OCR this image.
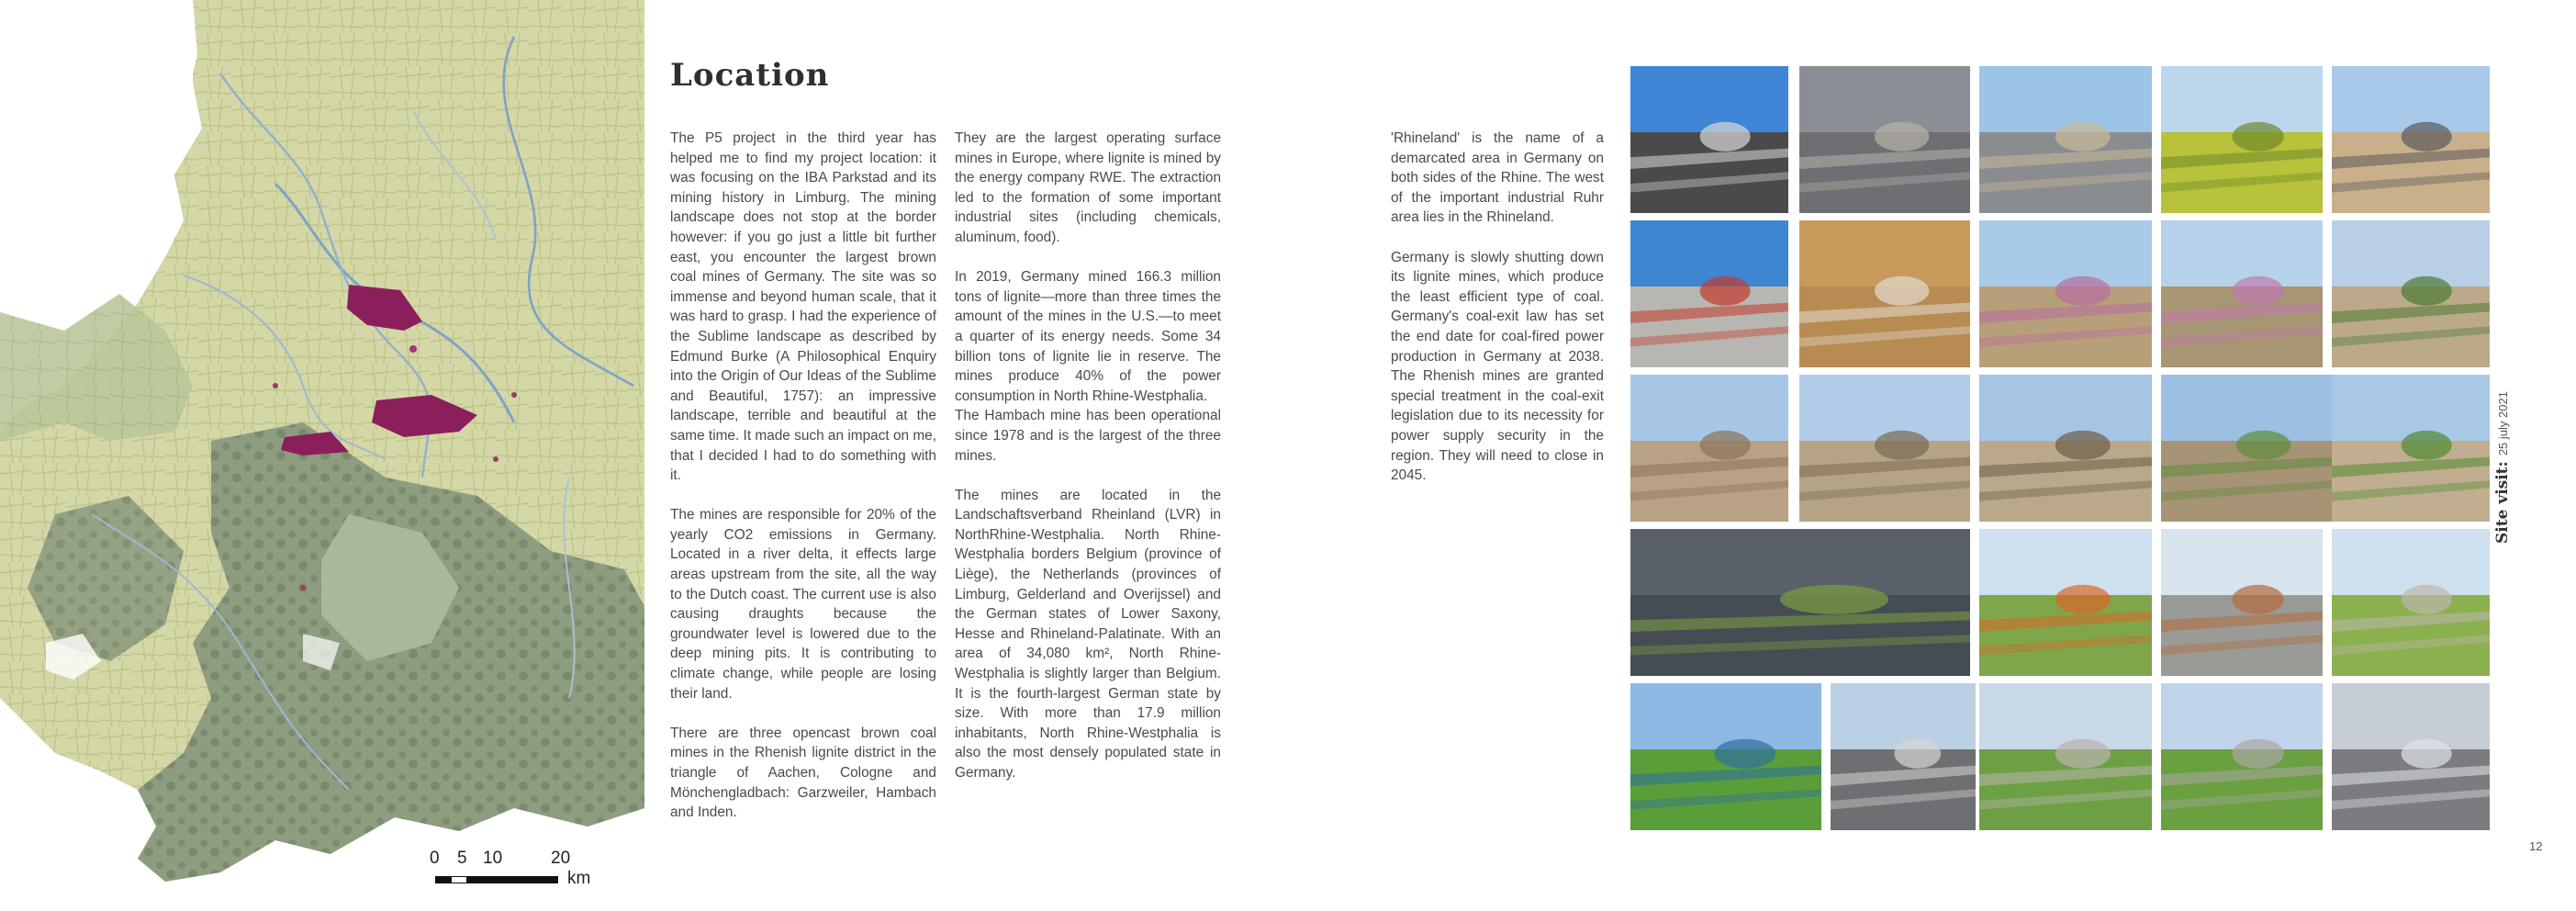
0 5 10	20
km
Location

The P5 project in the third year has helped me to find my project location: it was focusing on the IBA Parkstad and its mining history in Limburg. The mining landscape does not stop at the border however: if you go just a little bit further east, you encounter the largest brown coal mines of Germany. The site was so immense and beyond human scale, that it was hard to grasp. I had the experience of the Sublime landscape as described by Edmund Burke (A Philosophical Enquiry into the Origin of Our Ideas of the Sublime and Beautiful, 1757): an impressive landscape, terrible and beautiful at the same time. It made such an impact on me, that I decided I had to do something with it.

The mines are responsible for 20% of the yearly CO2 emissions in Germany. Located in a river delta, it effects large areas upstream from the site, all the way to the Dutch coast. The current use is also causing draughts because the groundwater level is lowered due to the deep mining pits. It is contributing to climate change, while people are losing their land.

There are three opencast brown coal mines in the Rhenish lignite district in the triangle of Aachen, Cologne and Mönchengladbach: Garzweiler, Hambach and Inden.

They are the largest operating surface mines in Europe, where lignite is mined by the energy company RWE. The extraction led to the formation of some important industrial sites (including chemicals, aluminum, food).

In 2019, Germany mined 166.3 million tons of lignite—more than three times the amount of the mines in the U.S.—to meet a quarter of its energy needs. Some 34 billion tons of lignite lie in reserve. The mines produce 40% of the power consumption in North Rhine-Westphalia.
The Hambach mine has been operational since 1978 and is the largest of the three mines.

The mines are located in the Landschaftsverband Rheinland (LVR) in NorthRhine-Westphalia. North Rhine-Westphalia borders Belgium (province of Liège), the Netherlands (provinces of Limburg, Gelderland and Overijssel) and the German states of Lower Saxony, Hesse and Rhineland-Palatinate. With an area of 34,080 km², North Rhine-Westphalia is slightly larger than Belgium. It is the fourth-largest German state by size. With more than 17.9 million inhabitants, North Rhine-Westphalia is also the most densely populated state in Germany.

'Rhineland' is the name of a demarcated area in Germany on both sides of the Rhine. The west of the important industrial Ruhr area lies in the Rhineland.

Germany is slowly shutting down its lignite mines, which produce the least efficient type of coal. Germany's coal-exit law has set the end date for coal-fired power production in Germany at 2038. The Rhenish mines are granted special treatment in the coal-exit legislation due to its necessity for power supply security in the region. They will need to close in 2045.	Site visit:25 july 2021
12
